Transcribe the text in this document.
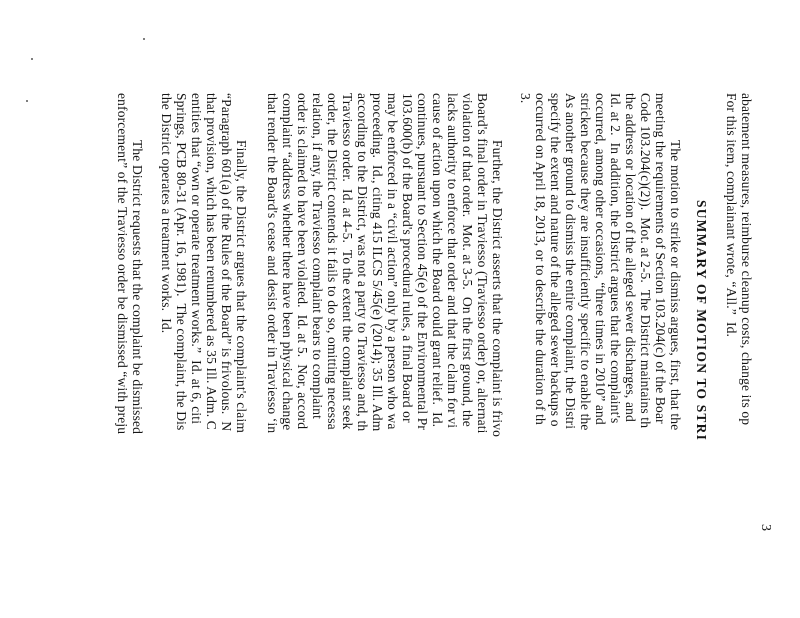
3
abatement measures, reimburse cleanup costs, change its op
For this item, complainant wrote, “All.”  Id.
SUMMARY OF MOTION TO STRI
The motion to strike or dismiss argues, first, that the
meeting the requirements of Section 103.204(c) of the Boar
Code 103.204(c)(2)).  Mot. at 2-5.  The District maintains th
the address or location of the alleged sewer discharges, and
Id. at 2.  In addition, the District argues that the complaint's
occurred, among other occasions, “three times in 2010” and
stricken because they are insufficiently specific to enable the
As another ground to dismiss the entire complaint, the Distri
specify the extent and nature of the alleged sewer backups o
occurred on April 18, 2013, or to describe the duration of th
3.
Further, the District asserts that the complaint is frivo
Board's final order in Traviesso (Traviesso order) or, alternati
violation of that order.  Mot. at 3-5.  On the first ground, the
lacks authority to enforce that order and that the claim for vi
cause of action upon which the Board could grant relief.  Id.
continues, pursuant to Section 45(e) of the Environmental Pr
103.600(b) of the Board's procedural rules, a final Board or
may be enforced in a “civil action” only by a person who wa
proceeding.  Id., citing 415 ILCS 5/45(e) (2014); 35 Ill. Adm
according to the District, was not a party to Traviesso and, th
Traviesso order.  Id. at 4-5.  To the extent the complaint seek
order, the District contends it fails to do so, omitting necessa
relation, if any, the Traviesso complaint bears to complaint
order is claimed to have been violated.  Id. at 5.  Nor, accord
complaint “address whether there have been physical change
that render the Board's cease and desist order in Traviesso ‘in
Finally, the District argues that the complaint's claim
“Paragraph 601(a) of the Rules of the Board” is frivolous.  N
that provision, which has been renumbered as 35 Ill. Adm. C
entities that “own or operate treatment works.”  Id. at 6, citi
Springs, PCB 80-31 (Apr. 16, 1981).  The complaint, the Dis
the District operates a treatment works.  Id.
The District requests that the complaint be dismissed
enforcement” of the Traviesso order be dismissed “with preju
